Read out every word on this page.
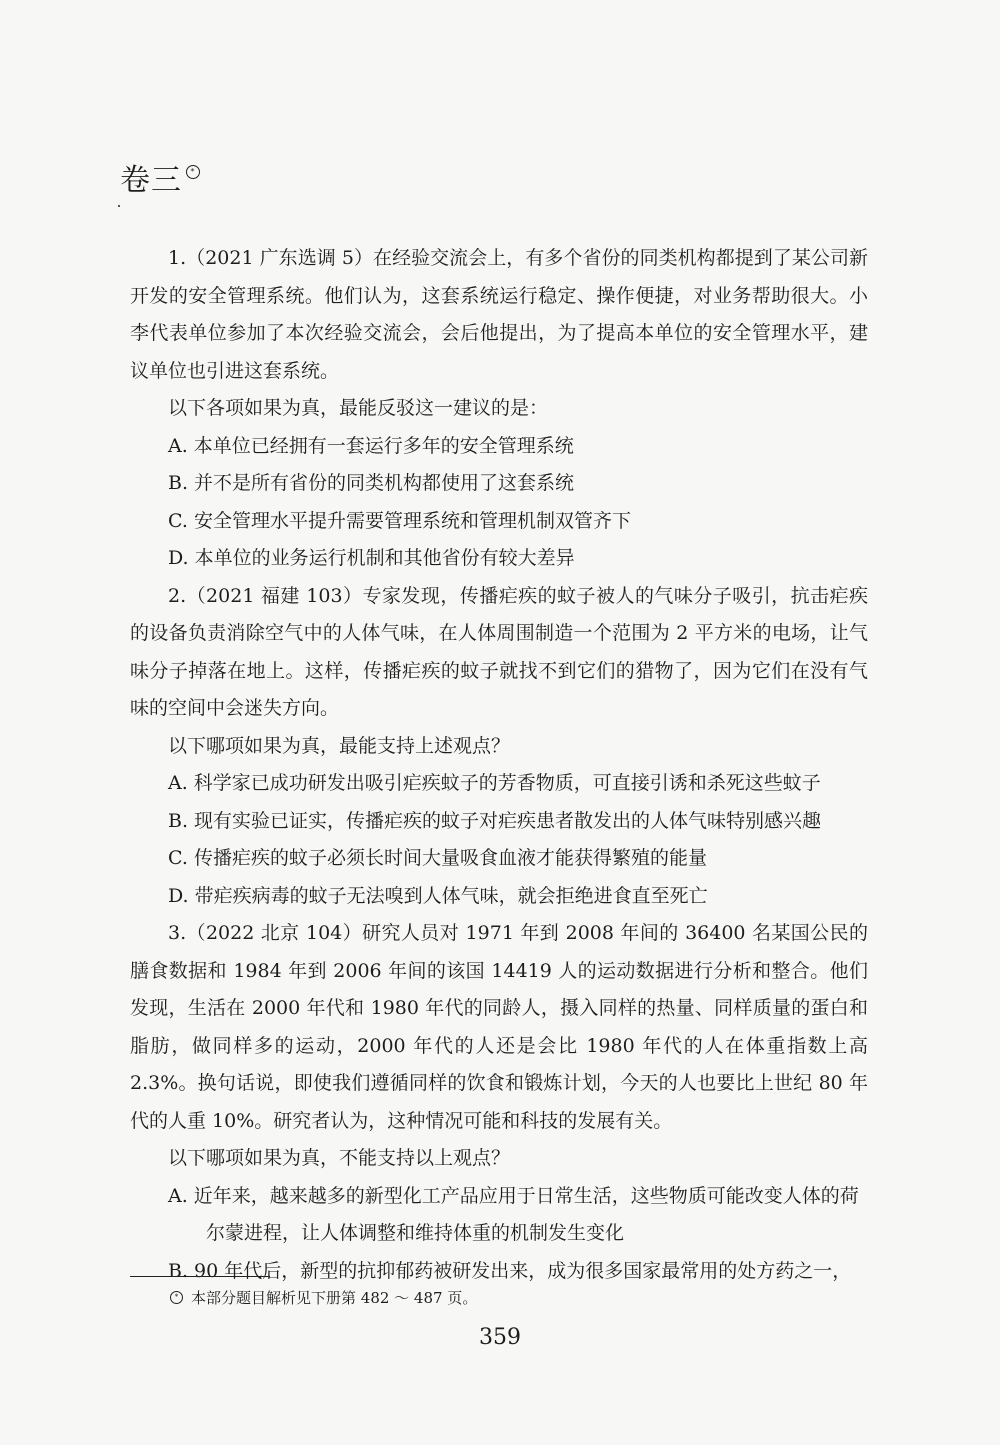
卷三 *

1.（2021 广东选调 5）在经验交流会上，有多个省份的同类机构都提到了某公司新开发的安全管理系统。他们认为，这套系统运行稳定、操作便捷，对业务帮助很大。小李代表单位参加了本次经验交流会，会后他提出，为了提高本单位的安全管理水平，建议单位也引进这套系统。

以下各项如果为真，最能反驳这一建议的是：

A. 本单位已经拥有一套运行多年的安全管理系统

B. 并不是所有省份的同类机构都使用了这套系统

C. 安全管理水平提升需要管理系统和管理机制双管齐下

D. 本单位的业务运行机制和其他省份有较大差异

2.（2021 福建 103）专家发现，传播疟疾的蚊子被人的气味分子吸引，抗击疟疾的设备负责消除空气中的人体气味，在人体周围制造一个范围为 2 平方米的电场，让气味分子掉落在地上。这样，传播疟疾的蚊子就找不到它们的猎物了，因为它们在没有气味的空间中会迷失方向。

以下哪项如果为真，最能支持上述观点？

A. 科学家已成功研发出吸引疟疾蚊子的芳香物质，可直接引诱和杀死这些蚊子

B. 现有实验已证实，传播疟疾的蚊子对疟疾患者散发出的人体气味特别感兴趣

C. 传播疟疾的蚊子必须长时间大量吸食血液才能获得繁殖的能量

D. 带疟疾病毒的蚊子无法嗅到人体气味，就会拒绝进食直至死亡

3.（2022 北京 104）研究人员对 1971 年到 2008 年间的 36400 名某国公民的膳食数据和 1984 年到 2006 年间的该国 14419 人的运动数据进行分析和整合。他们发现，生活在 2000 年代和 1980 年代的同龄人，摄入同样的热量、同样质量的蛋白和脂肪，做同样多的运动，2000 年代的人还是会比 1980 年代的人在体重指数上高 2.3%。换句话说，即使我们遵循同样的饮食和锻炼计划，今天的人也要比上世纪 80 年代的人重 10%。研究者认为，这种情况可能和科技的发展有关。

以下哪项如果为真，不能支持以上观点？

A. 近年来，越来越多的新型化工产品应用于日常生活，这些物质可能改变人体的荷尔蒙进程，让人体调整和维持体重的机制发生变化

B. 90 年代后，新型的抗抑郁药被研发出来，成为很多国家最常用的处方药之一，

* 本部分题目解析见下册第 482 ～ 487 页。

359
